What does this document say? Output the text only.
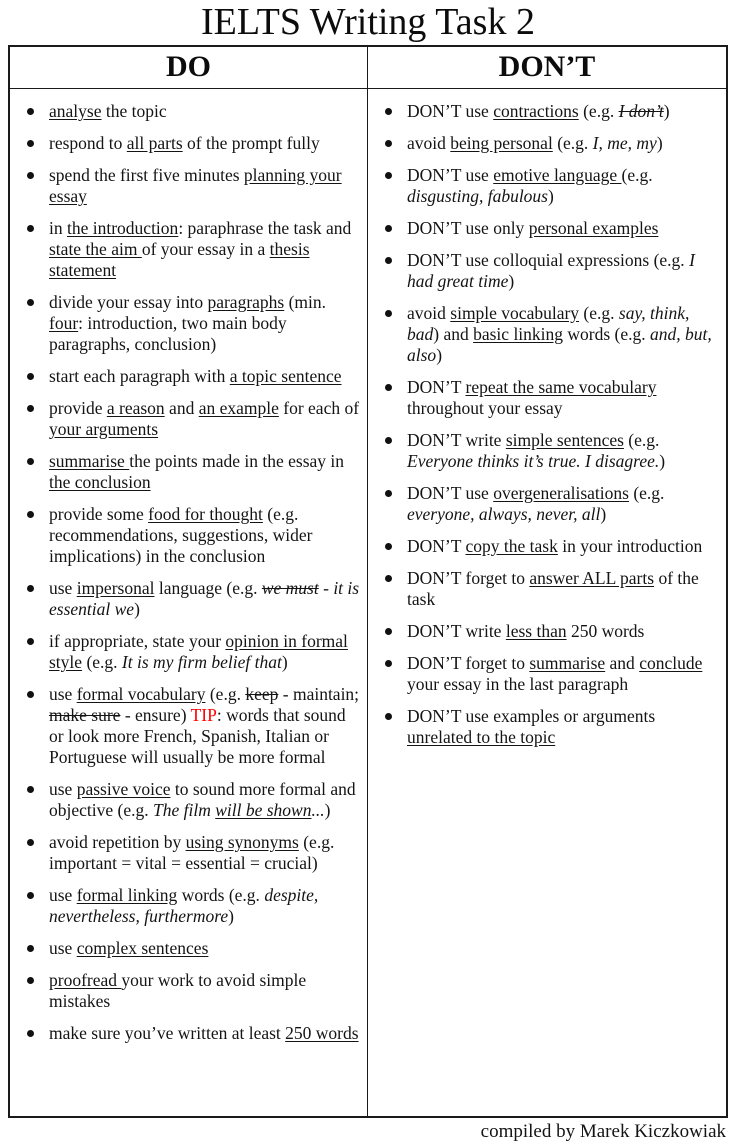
IELTS Writing Task 2
DO	DON’T
analyse the topic
respond to all parts of the prompt fully
spend the first five minutes planning your essay
in the introduction: paraphrase the task and state the aim of your essay in a thesis statement
divide your essay into paragraphs (min. four: introduction, two main body paragraphs, conclusion)
start each paragraph with a topic sentence
provide a reason and an example for each of your arguments
summarise the points made in the essay in the conclusion
provide some food for thought (e.g. recommendations, suggestions, wider implications) in the conclusion
use impersonal language (e.g. we must - it is essential we)
if appropriate, state your opinion in formal style (e.g. It is my firm belief that)
use formal vocabulary (e.g. keep - maintain; make sure - ensure) TIP: words that sound or look more French, Spanish, Italian or Portuguese will usually be more formal
use passive voice to sound more formal and objective (e.g. The film will be shown...)
avoid repetition by using synonyms (e.g. important = vital = essential = crucial)
use formal linking words (e.g. despite, nevertheless, furthermore)
use complex sentences
proofread your work to avoid simple mistakes
make sure you’ve written at least 250 words
DON’T use contractions (e.g. I don’t)
avoid being personal (e.g. I, me, my)
DON’T use emotive language (e.g. disgusting, fabulous)
DON’T use only personal examples
DON’T use colloquial expressions (e.g. I had great time)
avoid simple vocabulary (e.g. say, think, bad) and basic linking words (e.g. and, but, also)
DON’T repeat the same vocabulary throughout your essay
DON’T write simple sentences (e.g. Everyone thinks it’s true. I disagree.)
DON’T use overgeneralisations (e.g. everyone, always, never, all)
DON’T copy the task in your introduction
DON’T forget to answer ALL parts of the task
DON’T write less than 250 words
DON’T forget to summarise and conclude your essay in the last paragraph
DON’T use examples or arguments unrelated to the topic
compiled by Marek Kiczkowiak
